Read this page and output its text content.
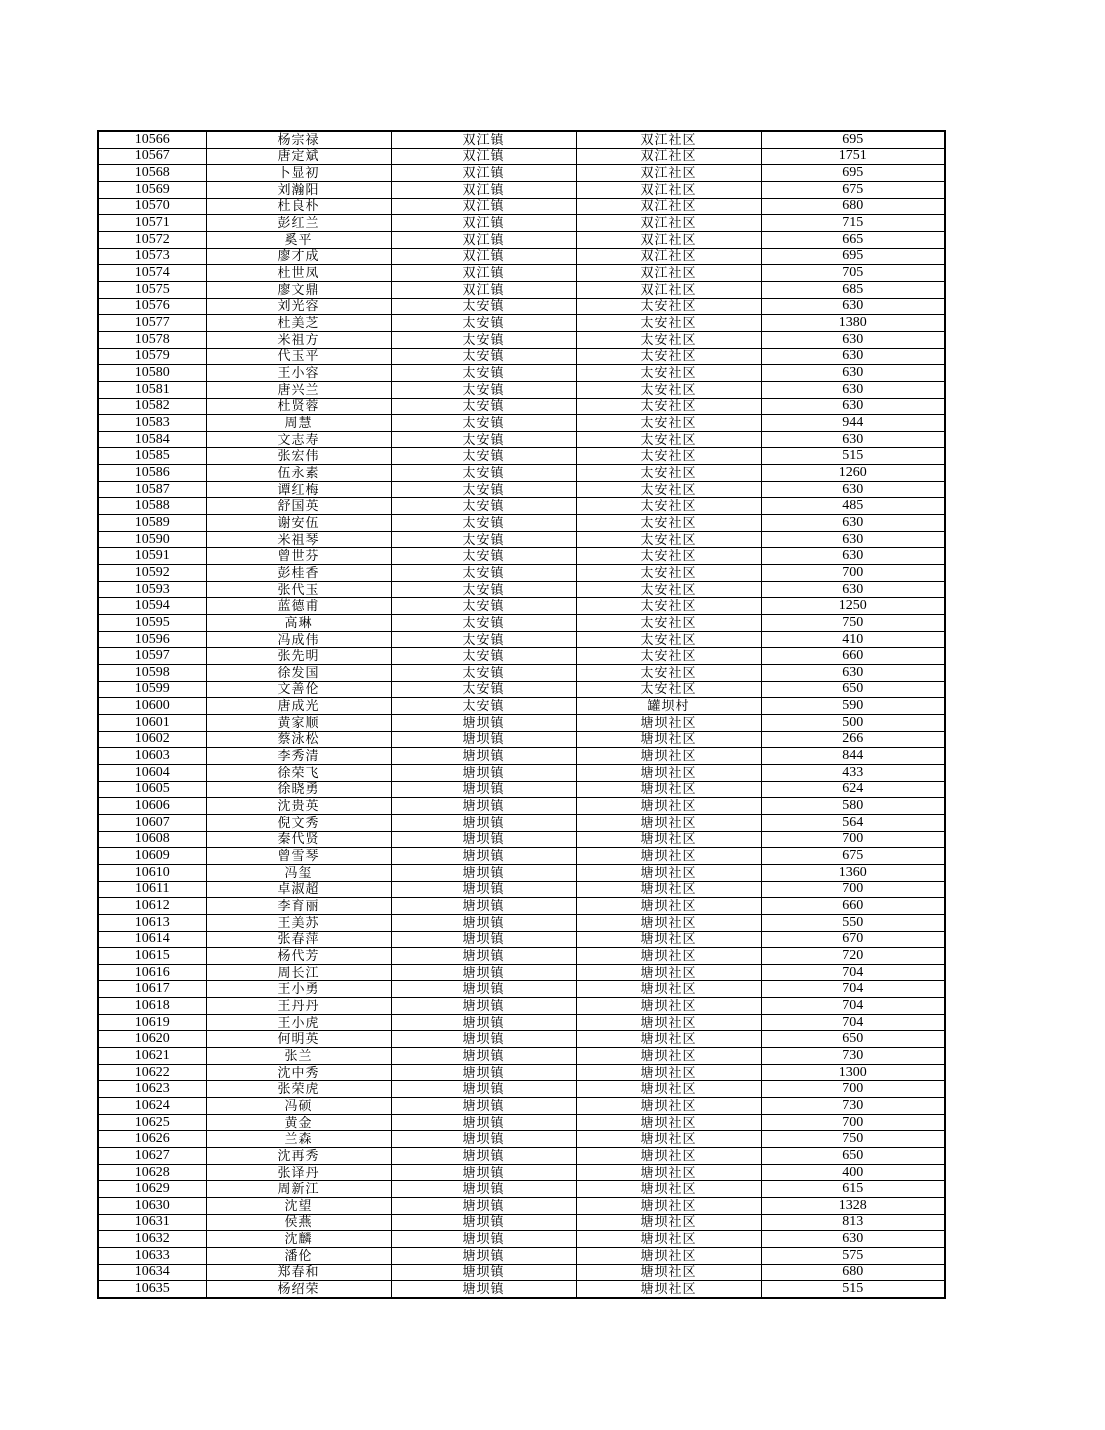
10566	杨宗禄	双江镇	双江社区	695
10567	唐定斌	双江镇	双江社区	1751
10568	卜显初	双江镇	双江社区	695
10569	刘瀚阳	双江镇	双江社区	675
10570	杜良朴	双江镇	双江社区	680
10571	彭红兰	双江镇	双江社区	715
10572	奚平	双江镇	双江社区	665
10573	廖才成	双江镇	双江社区	695
10574	杜世凤	双江镇	双江社区	705
10575	廖文鼎	双江镇	双江社区	685
10576	刘光容	太安镇	太安社区	630
10577	杜美芝	太安镇	太安社区	1380
10578	米祖方	太安镇	太安社区	630
10579	代玉平	太安镇	太安社区	630
10580	王小容	太安镇	太安社区	630
10581	唐兴兰	太安镇	太安社区	630
10582	杜贤蓉	太安镇	太安社区	630
10583	周慧	太安镇	太安社区	944
10584	文志寿	太安镇	太安社区	630
10585	张宏伟	太安镇	太安社区	515
10586	伍永素	太安镇	太安社区	1260
10587	谭红梅	太安镇	太安社区	630
10588	舒国英	太安镇	太安社区	485
10589	谢安伍	太安镇	太安社区	630
10590	米祖琴	太安镇	太安社区	630
10591	曾世芬	太安镇	太安社区	630
10592	彭桂香	太安镇	太安社区	700
10593	张代玉	太安镇	太安社区	630
10594	蓝德甫	太安镇	太安社区	1250
10595	高琳	太安镇	太安社区	750
10596	冯成伟	太安镇	太安社区	410
10597	张先明	太安镇	太安社区	660
10598	徐发国	太安镇	太安社区	630
10599	文善伦	太安镇	太安社区	650
10600	唐成光	太安镇	罐坝村	590
10601	黄家顺	塘坝镇	塘坝社区	500
10602	蔡泳松	塘坝镇	塘坝社区	266
10603	李秀清	塘坝镇	塘坝社区	844
10604	徐荣飞	塘坝镇	塘坝社区	433
10605	徐晓勇	塘坝镇	塘坝社区	624
10606	沈贵英	塘坝镇	塘坝社区	580
10607	倪文秀	塘坝镇	塘坝社区	564
10608	秦代贤	塘坝镇	塘坝社区	700
10609	曾雪琴	塘坝镇	塘坝社区	675
10610	冯玺	塘坝镇	塘坝社区	1360
10611	卓淑超	塘坝镇	塘坝社区	700
10612	李育丽	塘坝镇	塘坝社区	660
10613	王美苏	塘坝镇	塘坝社区	550
10614	张春萍	塘坝镇	塘坝社区	670
10615	杨代芳	塘坝镇	塘坝社区	720
10616	周长江	塘坝镇	塘坝社区	704
10617	王小勇	塘坝镇	塘坝社区	704
10618	王丹丹	塘坝镇	塘坝社区	704
10619	王小虎	塘坝镇	塘坝社区	704
10620	何明英	塘坝镇	塘坝社区	650
10621	张兰	塘坝镇	塘坝社区	730
10622	沈中秀	塘坝镇	塘坝社区	1300
10623	张荣虎	塘坝镇	塘坝社区	700
10624	冯硕	塘坝镇	塘坝社区	730
10625	黄金	塘坝镇	塘坝社区	700
10626	兰森	塘坝镇	塘坝社区	750
10627	沈再秀	塘坝镇	塘坝社区	650
10628	张译丹	塘坝镇	塘坝社区	400
10629	周新江	塘坝镇	塘坝社区	615
10630	沈望	塘坝镇	塘坝社区	1328
10631	侯燕	塘坝镇	塘坝社区	813
10632	沈麟	塘坝镇	塘坝社区	630
10633	潘伦	塘坝镇	塘坝社区	575
10634	郑春和	塘坝镇	塘坝社区	680
10635	杨绍荣	塘坝镇	塘坝社区	515
